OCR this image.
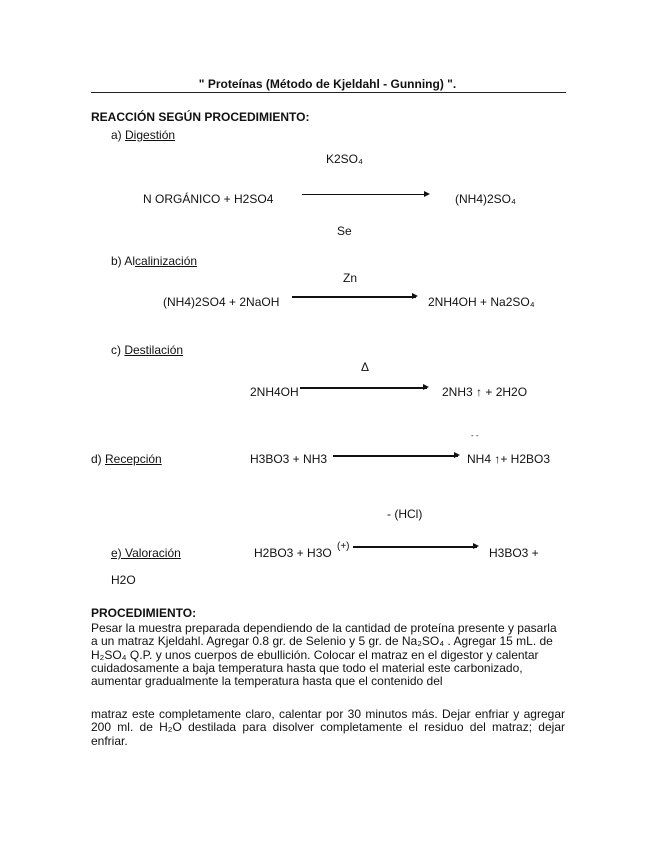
" Proteínas (Método de Kjeldahl - Gunning) ".
REACCIÓN SEGÚN PROCEDIMIENTO:
a) Digestión
K2SO₄
N ORGÁNICO + H2SO4	(NH4)2SO₄
Se
b) Alcalinización
Zn
(NH4)2SO4 + 2NaOH	2NH4OH + Na2SO₄
c) Destilación
Δ
2NH4OH	2NH3 ↑ + 2H2O
- -
d) Recepción	H3BO3 + NH3	NH4 ↑+ H2BO3
- (HCl)
e) Valoración	H2BO3 + H3O (+)	H3BO3 +
H2O
PROCEDIMIENTO:
Pesar la muestra preparada dependiendo de la cantidad de proteína presente y pasarla a un matraz Kjeldahl. Agregar 0.8 gr. de Selenio y 5 gr. de Na₂SO₄ . Agregar 15 mL. de H₂SO₄ Q.P. y unos cuerpos de ebullición. Colocar el matraz en el digestor y calentar cuidadosamente a baja temperatura hasta que todo el material este carbonizado, aumentar gradualmente la temperatura hasta que el contenido del
matraz este completamente claro, calentar por 30 minutos más. Dejar enfriar y agregar 200 ml. de H₂O destilada para disolver completamente el residuo del matraz; dejar enfriar.
